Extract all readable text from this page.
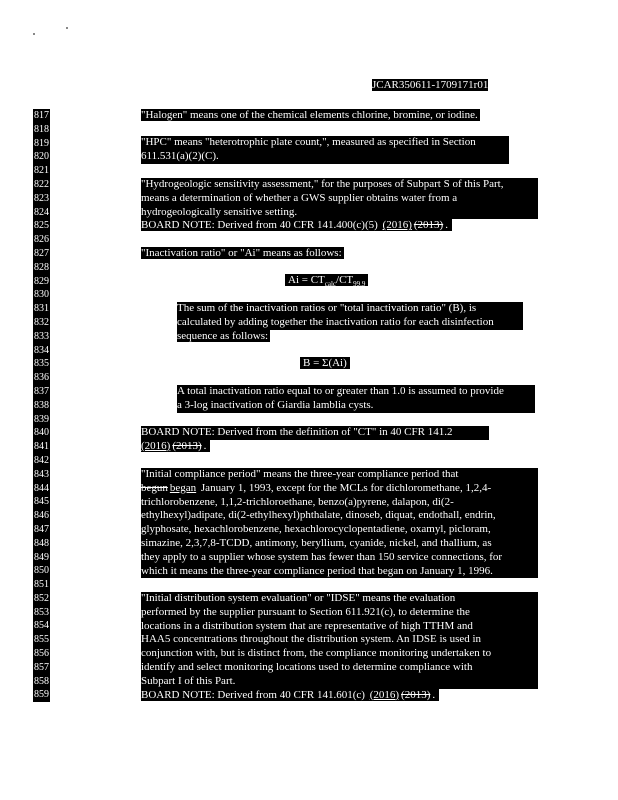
JCAR350611-1709171r01
817
818
819
820
821
822
823
824
825
826
827
828
829
830
831
832
833
834
835
836
837
838
839
840
841
842
843
844
845
846
847
848
849
850
851
852
853
854
855
856
857
858
859
"Halogen" means one of the chemical elements chlorine, bromine, or iodine.
"HPC" means "heterotrophic plate count,", measured as specified in Section
611.531(a)(2)(C).
"Hydrogeologic sensitivity assessment," for the purposes of Subpart S of this Part,
means a determination of whether a GWS supplier obtains water from a
hydrogeologically sensitive setting.
BOARD NOTE: Derived from 40 CFR 141.400(c)(5) (2016) (2013) .
"Inactivation ratio" or "Ai" means as follows:
$Ai = CT_{calc}/CT_{99.9}$
The sum of the inactivation ratios or "total inactivation ratio" (B), is
calculated by adding together the inactivation ratio for each disinfection
sequence as follows:
B = Σ(Ai)
A total inactivation ratio equal to or greater than 1.0 is assumed to provide
a 3-log inactivation of Giardia lamblia cysts.
BOARD NOTE: Derived from the definition of "CT" in 40 CFR 141.2
(2016) (2013) .
"Initial compliance period" means the three-year compliance period that
begun began January 1, 1993, except for the MCLs for dichloromethane, 1,2,4-
trichlorobenzene, 1,1,2-trichloroethane, benzo(a)pyrene, dalapon, di(2-
ethylhexyl)adipate, di(2-ethylhexyl)phthalate, dinoseb, diquat, endothall, endrin,
glyphosate, hexachlorobenzene, hexachlorocyclopentadiene, oxamyl, picloram,
simazine, 2,3,7,8-TCDD, antimony, beryllium, cyanide, nickel, and thallium, as
they apply to a supplier whose system has fewer than 150 service connections, for
which it means the three-year compliance period that began on January 1, 1996.
"Initial distribution system evaluation" or "IDSE" means the evaluation
performed by the supplier pursuant to Section 611.921(c), to determine the
locations in a distribution system that are representative of high TTHM and
HAA5 concentrations throughout the distribution system. An IDSE is used in
conjunction with, but is distinct from, the compliance monitoring undertaken to
identify and select monitoring locations used to determine compliance with
Subpart I of this Part.
BOARD NOTE: Derived from 40 CFR 141.601(c) (2016) (2013) .
